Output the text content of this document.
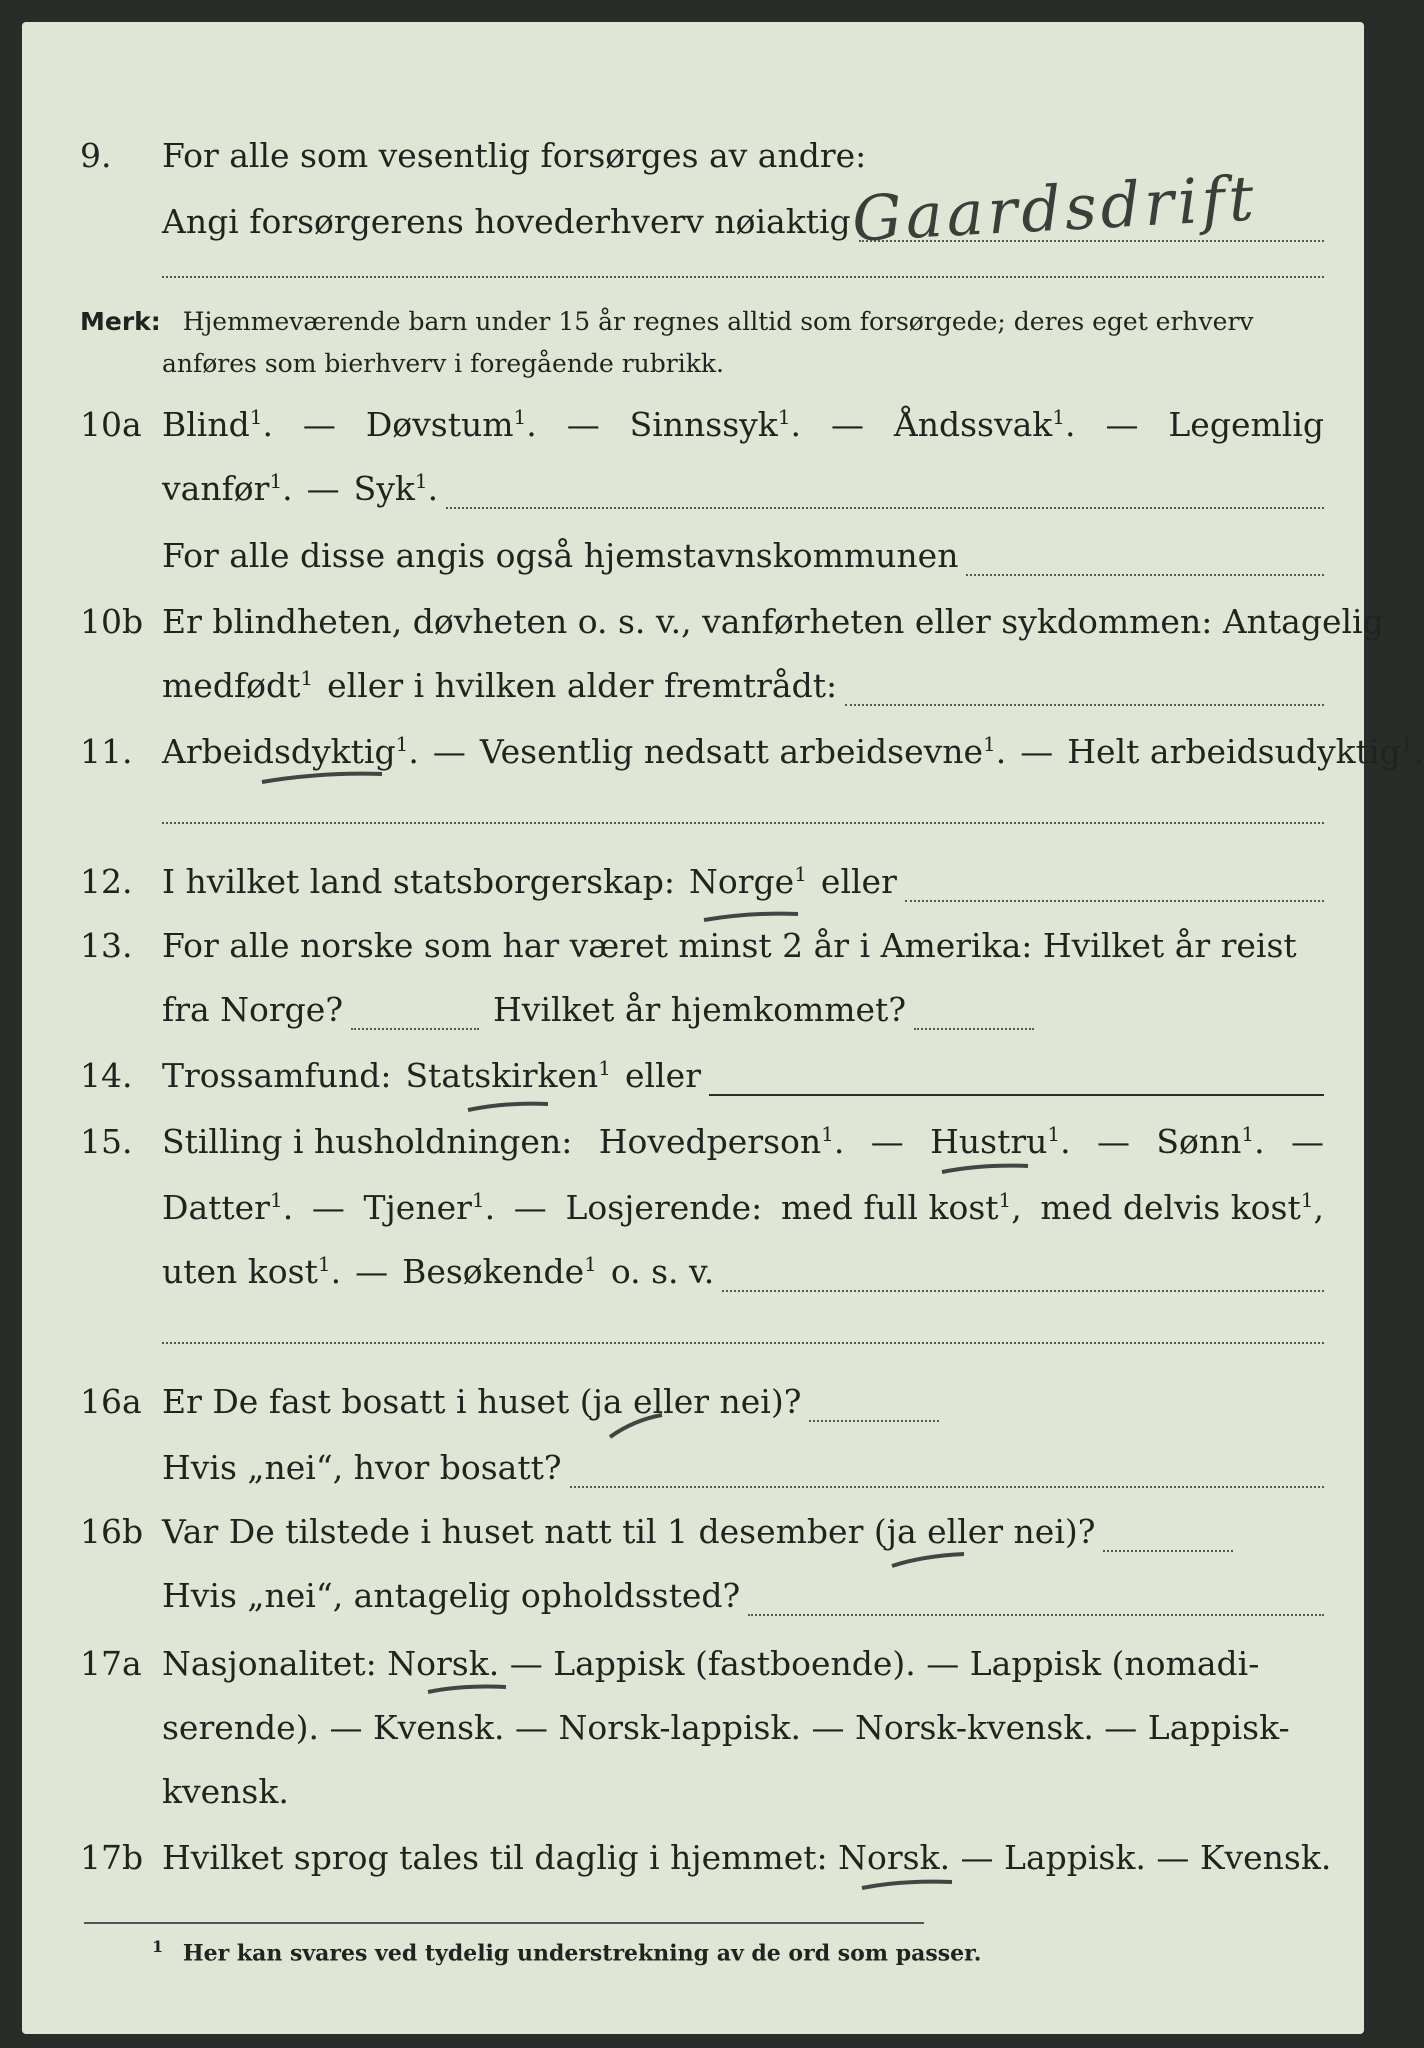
9. For alle som vesentlig forsørges av andre:
Angi forsørgerens hovederhverv nøiaktig Gaardsdrift
Merk: Hjemmeværende barn under 15 år regnes alltid som forsørgede; deres eget erhverv
anføres som bierhverv i foregående rubrikk.
10a Blind$^1$. — Døvstum$^1$. — Sinnssyk$^1$. — Åndssvak$^1$. — Legemlig
vanfør$^1$. — Syk$^1$.
For alle disse angis også hjemstavnskommunen
10b Er blindheten, døvheten o. s. v., vanførheten eller sykdommen: Antagelig
medfødt$^1$ eller i hvilken alder fremtrådt:
11. Arbeidsdyktig$^1$. — Vesentlig nedsatt arbeidsevne$^1$. — Helt arbeidsudyktig$^1$.
12. I hvilket land statsborgerskap: Norge$^1$ eller
13. For alle norske som har været minst 2 år i Amerika: Hvilket år reist
fra Norge?	Hvilket år hjemkommet?
14. Trossamfund: Statskirken$^1$ eller
15. Stilling i husholdningen: Hovedperson$^1$. — Hustru$^1$. — Sønn$^1$. —
Datter$^1$. — Tjener$^1$. — Losjerende: med full kost$^1$, med delvis kost$^1$,
uten kost$^1$. — Besøkende$^1$ o. s. v.
16a Er De fast bosatt i huset (ja eller nei)?
Hvis „nei“, hvor bosatt?
16b Var De tilstede i huset natt til 1 desember (ja eller nei)?
Hvis „nei“, antagelig opholdssted?
17a Nasjonalitet: Norsk. — Lappisk (fastboende). — Lappisk (nomadi-
serende). — Kvensk. — Norsk-lappisk. — Norsk-kvensk. — Lappisk-
kvensk.
17b Hvilket sprog tales til daglig i hjemmet: Norsk. — Lappisk. — Kvensk.
$^1$ Her kan svares ved tydelig understrekning av de ord som passer.
